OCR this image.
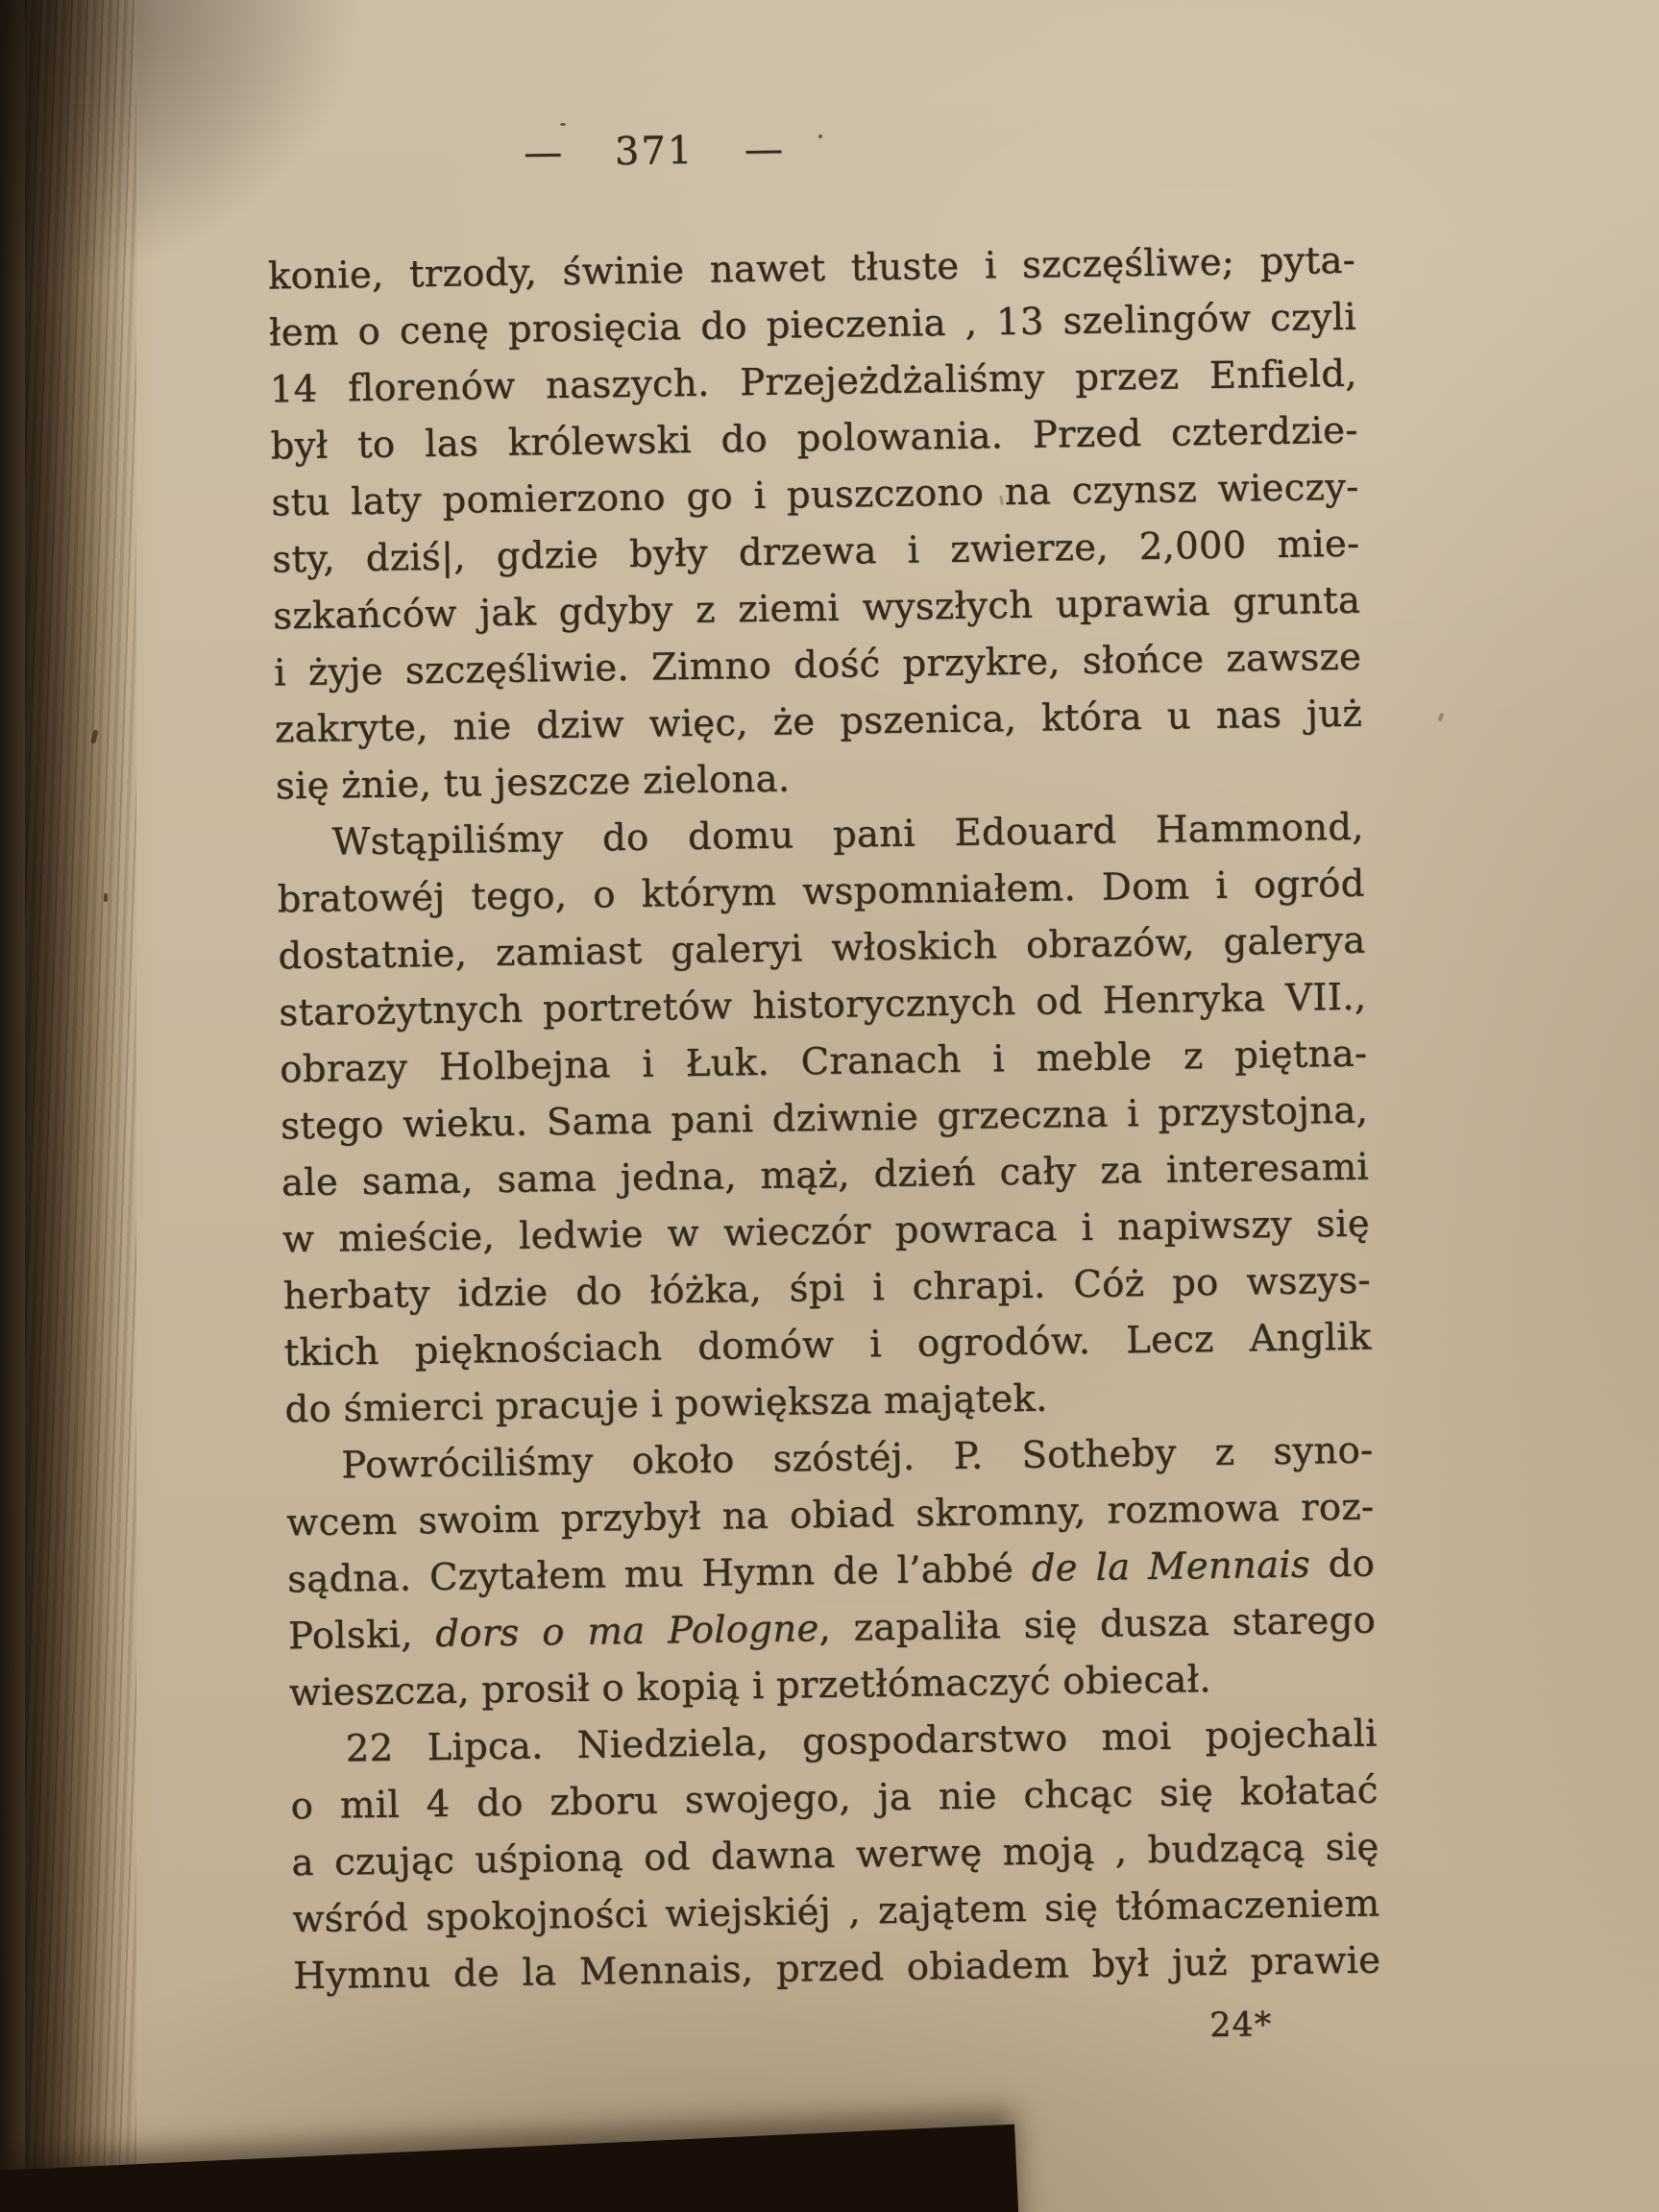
— 371 —
konie, trzody, świnie nawet tłuste i szczęśliwe; pyta-
łem o cenę prosięcia do pieczenia , 13 szelingów czyli
14 florenów naszych. Przejeżdżaliśmy przez Enfield,
był to las królewski do polowania. Przed czterdzie-
stu laty pomierzono go i puszczono na czynsz wieczy-
sty, dziś|, gdzie były drzewa i zwierze, 2,000 mie-
szkańców jak gdyby z ziemi wyszłych uprawia grunta
i żyje szczęśliwie. Zimno dość przykre, słońce zawsze
zakryte, nie dziw więc, że pszenica, która u nas już
się żnie, tu jeszcze zielona.
Wstąpiliśmy do domu pani Edouard Hammond,
bratowéj tego, o którym wspomniałem. Dom i ogród
dostatnie, zamiast galeryi włoskich obrazów, galerya
starożytnych portretów historycznych od Henryka VII.,
obrazy Holbejna i Łuk. Cranach i meble z piętna-
stego wieku. Sama pani dziwnie grzeczna i przystojna,
ale sama, sama jedna, mąż, dzień cały za interesami
w mieście, ledwie w wieczór powraca i napiwszy się
herbaty idzie do łóżka, śpi i chrapi. Cóż po wszys-
tkich pięknościach domów i ogrodów. Lecz Anglik
do śmierci pracuje i powiększa majątek.
Powróciliśmy około szóstéj. P. Sotheby z syno-
wcem swoim przybył na obiad skromny, rozmowa roz-
sądna. Czytałem mu Hymn de l’abbé de la Mennais do
Polski, dors o ma Pologne, zapaliła się dusza starego
wieszcza, prosił o kopią i przetłómaczyć obiecał.
22 Lipca. Niedziela, gospodarstwo moi pojechali
o mil 4 do zboru swojego, ja nie chcąc się kołatać
a czując uśpioną od dawna werwę moją , budzącą się
wśród spokojności wiejskiéj , zajątem się tłómaczeniem
Hymnu de la Mennais, przed obiadem był już prawie
24*
